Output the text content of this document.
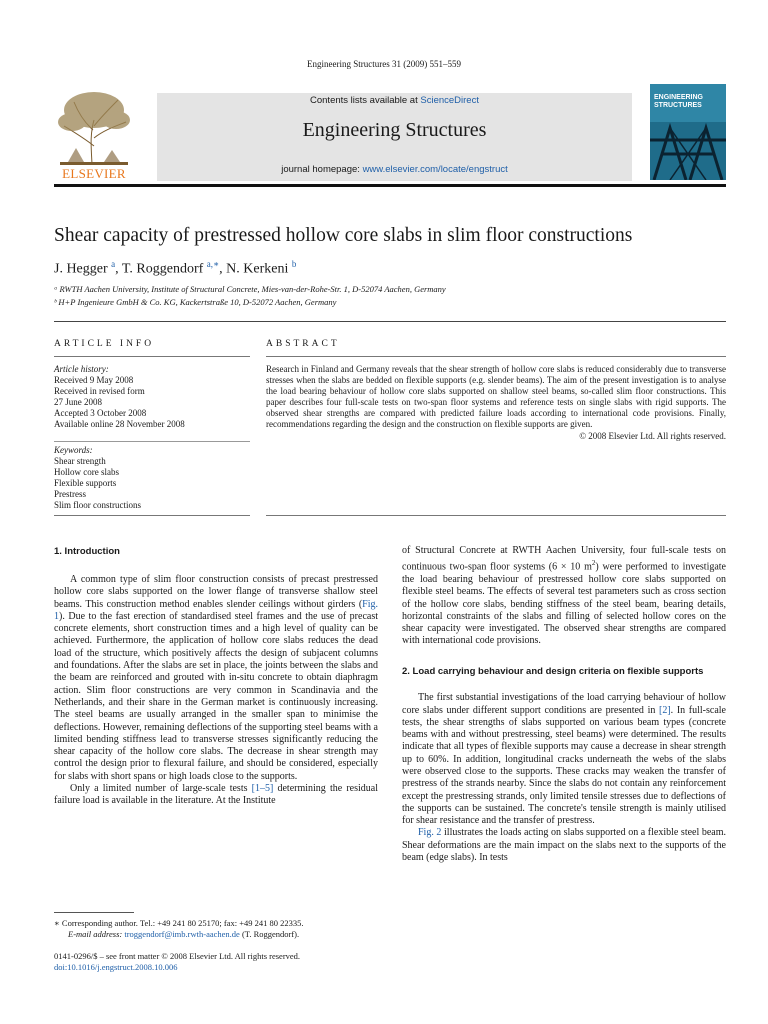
Engineering Structures 31 (2009) 551–559
Contents lists available at ScienceDirect
Engineering Structures
journal homepage: www.elsevier.com/locate/engstruct
ELSEVIER
ENGINEERING
STRUCTURES
Shear capacity of prestressed hollow core slabs in slim floor constructions
J. Hegger $^a$, T. Roggendorf $^{a,∗}$, N. Kerkeni $^b$
ᵃ RWTH Aachen University, Institute of Structural Concrete, Mies-van-der-Rohe-Str. 1, D-52074 Aachen, Germany
ᵇ H+P Ingenieure GmbH & Co. KG, Kackertstraße 10, D-52072 Aachen, Germany
ARTICLE INFO	ABSTRACT
Article history:
Received 9 May 2008
Received in revised form
27 June 2008
Accepted 3 October 2008
Available online 28 November 2008
Keywords:
Shear strength
Hollow core slabs
Flexible supports
Prestress
Slim floor constructions
Research in Finland and Germany reveals that the shear strength of hollow core slabs is reduced considerably due to transverse stresses when the slabs are bedded on flexible supports (e.g. slender beams). The aim of the present investigation is to analyse the load bearing behaviour of hollow core slabs supported on shallow steel beams, so-called slim floor constructions. This paper describes four full-scale tests on two-span floor systems and reference tests on single slabs with rigid supports. The observed shear strengths are compared with predicted failure loads according to international code provisions. Finally, recommendations regarding the design and the construction on flexible supports are given.
© 2008 Elsevier Ltd. All rights reserved.

1. Introduction

A common type of slim floor construction consists of precast prestressed hollow core slabs supported on the lower flange of transverse shallow steel beams. This construction method enables slender ceilings without girders (Fig. 1). Due to the fast erection of standardised steel frames and the use of precast concrete elements, short construction times and a high level of quality can be achieved. Furthermore, the application of hollow core slabs reduces the dead load of the structure, which positively affects the design of subjacent columns and foundations. After the slabs are set in place, the joints between the slabs and the beam are reinforced and grouted with in-situ concrete to obtain diaphragm action. Slim floor constructions are very common in Scandinavia and the Netherlands, and their share in the German market is continuously increasing. The steel beams are usually arranged in the smaller span to minimise the deflections. However, remaining deflections of the supporting steel beams with a limited bending stiffness lead to transverse stresses significantly reducing the shear capacity of the hollow core slabs. The decrease in shear strength may control the design prior to flexural failure, and should be considered, especially for slabs with short spans or high loads close to the supports.

Only a limited number of large-scale tests [1–5] determining the residual failure load is available in the literature. At the Institute

of Structural Concrete at RWTH Aachen University, four full-scale tests on continuous two-span floor systems (6 × 10 $m^2$) were performed to investigate the load bearing behaviour of prestressed hollow core slabs supported on flexible steel beams. The effects of several test parameters such as cross section of the hollow core slabs, bending stiffness of the steel beam, bearing details, horizontal constraints of the slabs and filling of selected hollow cores on the shear capacity were investigated. The observed shear strengths are compared with international code provisions.

2. Load carrying behaviour and design criteria on flexible supports

The first substantial investigations of the load carrying behaviour of hollow core slabs under different support conditions are presented in [2]. In full-scale tests, the shear strengths of slabs supported on various beam types (concrete beams with and without prestressing, steel beams) were determined. The results indicate that all types of flexible supports may cause a decrease in shear strength up to 60%. In addition, longitudinal cracks underneath the webs of the slabs were observed close to the supports. These cracks may weaken the transfer of prestress of the strands nearby. Since the slabs do not contain any reinforcement except the prestressing strands, only limited tensile stresses due to deflections of the supports can be sustained. The concrete's tensile strength is mainly utilised for shear resistance and the transfer of prestress.

Fig. 2 illustrates the loads acting on slabs supported on a flexible steel beam. Shear deformations are the main impact on the slabs next to the supports of the beam (edge slabs). In tests

∗ Corresponding author. Tel.: +49 241 80 25170; fax: +49 241 80 22335.
E-mail address: troggendorf@imb.rwth-aachen.de (T. Roggendorf).
0141-0296/$ – see front matter © 2008 Elsevier Ltd. All rights reserved.
doi:10.1016/j.engstruct.2008.10.006
